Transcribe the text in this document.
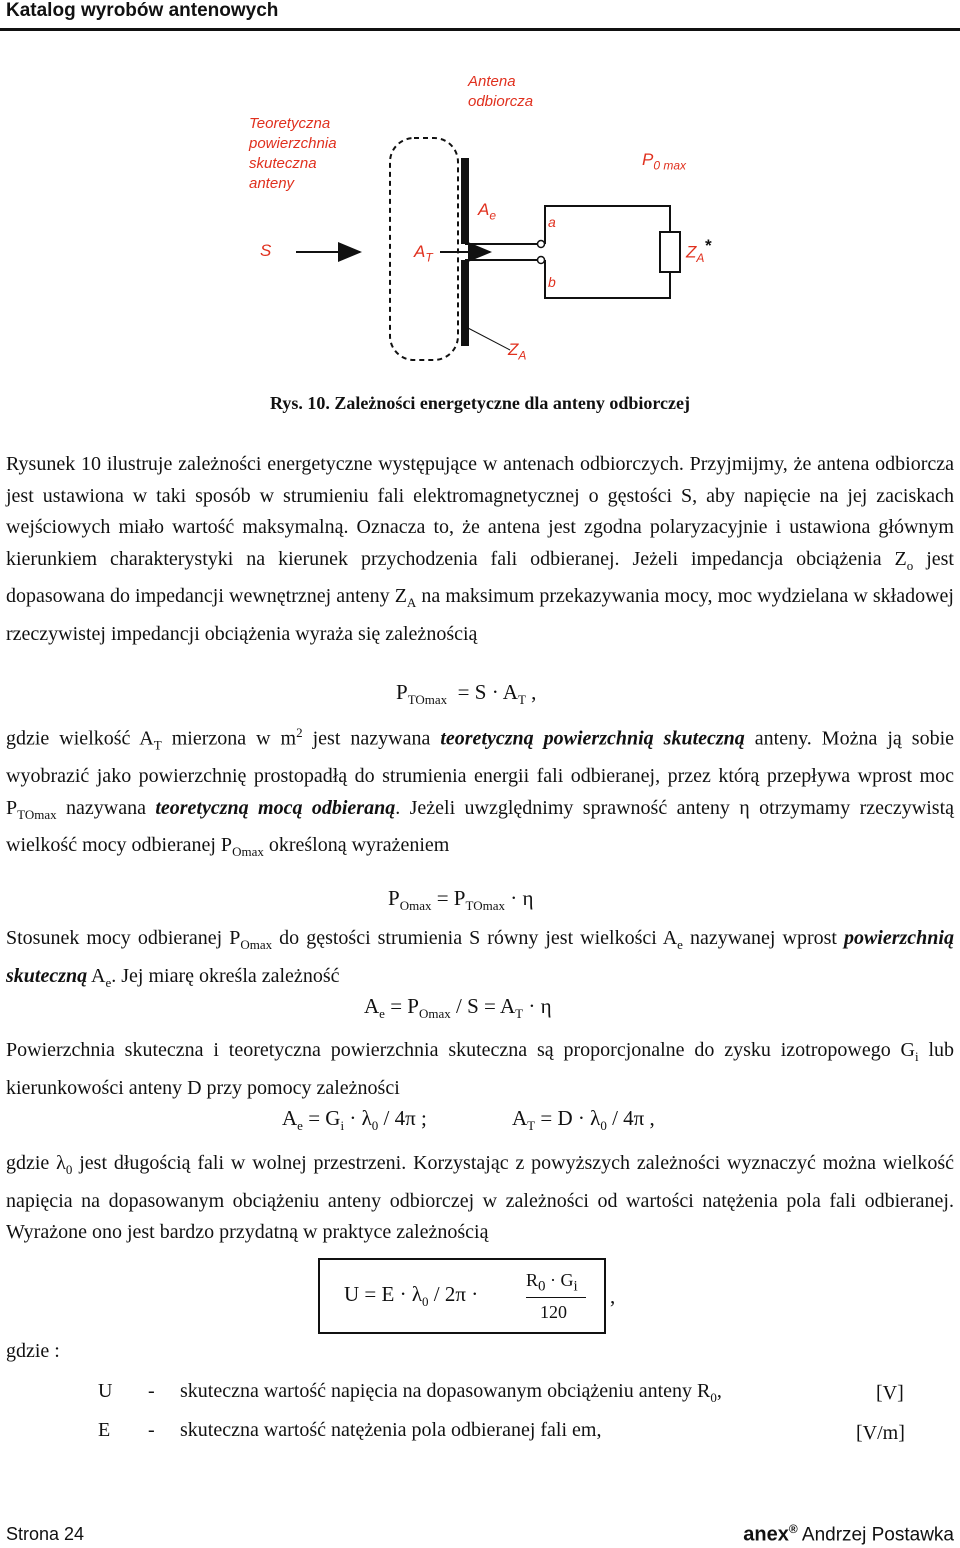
Katalog wyrobów antenowych
Teoretyczna
powierzchnia
skuteczna
anteny
Antena
odbiorcza
S	$A_T$
$A_e$	a
b
$Z_A$
$P_{0 max}$
$Z_A^*$
Rys. 10. Zależności energetyczne dla anteny odbiorczej
Rysunek 10 ilustruje zależności energetyczne występujące w antenach odbiorczych. Przyjmijmy, że antena odbiorcza jest ustawiona w taki sposób w strumieniu fali elektromagnetycznej o gęstości S, aby napięcie na jej zaciskach wejściowych miało wartość maksymalną. Oznacza to, że antena jest zgodna polaryzacyjnie i ustawiona głównym kierunkiem charakterystyki na kierunek przychodzenia fali odbieranej. Jeżeli impedancja obciążenia $Z_o$ jest dopasowana do impedancji wewnętrznej anteny $Z_A$ na maksimum przekazywania mocy, moc wydzielana w składowej rzeczywistej impedancji obciążenia wyraża się zależnością
$P_{TOmax} = S \cdot A_T$ ,
gdzie wielkość $A_T$ mierzona w $m^2$ jest nazywana teoretyczną powierzchnią skuteczną anteny. Można ją sobie wyobrazić jako powierzchnię prostopadłą do strumienia energii fali odbieranej, przez którą przepływa wprost moc $P_{TOmax}$ nazywana teoretyczną mocą odbieraną. Jeżeli uwzględnimy sprawność anteny η otrzymamy rzeczywistą wielkość mocy odbieranej $P_{Omax}$ określoną wyrażeniem
$P_{Omax} = P_{TOmax} \cdot \eta$
Stosunek mocy odbieranej $P_{Omax}$ do gęstości strumienia S równy jest wielkości $A_e$ nazywanej wprost powierzchnią skuteczną $A_e$. Jej miarę określa zależność
$A_e = P_{Omax} / S = A_T \cdot \eta$
Powierzchnia skuteczna i teoretyczna powierzchnia skuteczna są proporcjonalne do zysku izotropowego $G_i$ lub kierunkowości anteny D przy pomocy zależności
$A_e = G_i \cdot \lambda_0 / 4\pi$ ;	$A_T = D \cdot \lambda_0 / 4\pi$ ,
gdzie $\lambda_0$ jest długością fali w wolnej przestrzeni. Korzystając z powyższych zależności wyznaczyć można wielkość napięcia na dopasowanym obciążeniu anteny odbiorczej w zależności od wartości natężenia pola fali odbieranej. Wyrażone ono jest bardzo przydatną w praktyce zależnością
$U = E \cdot \lambda_0 / 2\pi$ ·
$R_0 \cdot G_i$
120
,
gdzie :
U - skuteczna wartość napięcia na dopasowanym obciążeniu anteny $R_0$,	[V]
E - skuteczna wartość natężenia pola odbieranej fali em,	[V/m]
Strona 24	anex® Andrzej Postawka
